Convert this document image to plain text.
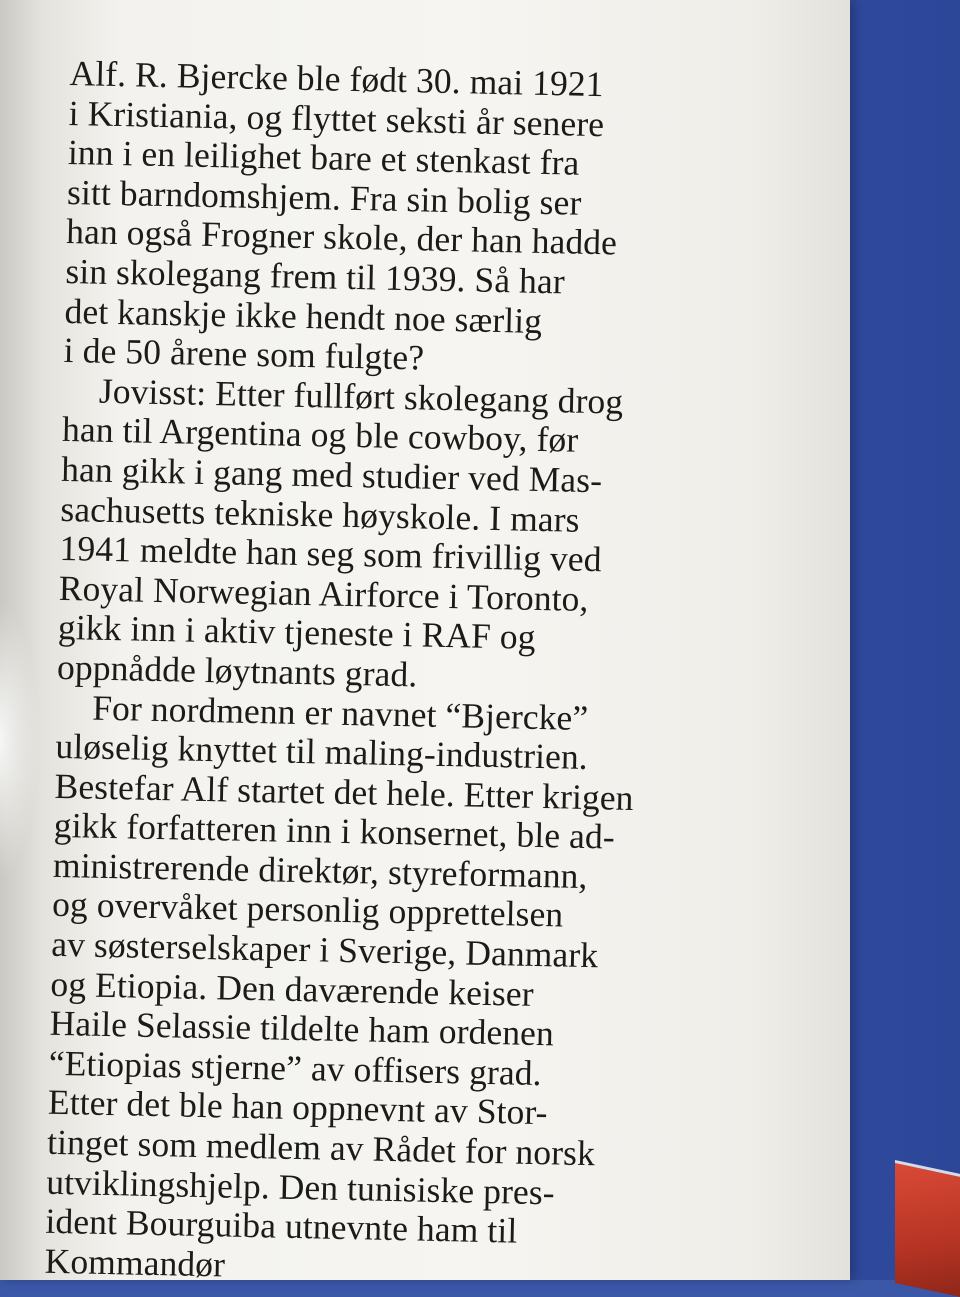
Alf. R. Bjercke ble født 30. mai 1921
i Kristiania, og flyttet seksti år senere
inn i en leilighet bare et stenkast fra
sitt barndomshjem. Fra sin bolig ser
han også Frogner skole, der han hadde
sin skolegang frem til 1939. Så har
det kanskje ikke hendt noe særlig
i de 50 årene som fulgte?
Jovisst: Etter fullført skolegang drog
han til Argentina og ble cowboy, før
han gikk i gang med studier ved Mas-
sachusetts tekniske høyskole. I mars
1941 meldte han seg som frivillig ved
Royal Norwegian Airforce i Toronto,
gikk inn i aktiv tjeneste i RAF og
oppnådde løytnants grad.
For nordmenn er navnet “Bjercke”
uløselig knyttet til maling-industrien.
Bestefar Alf startet det hele. Etter krigen
gikk forfatteren inn i konsernet, ble ad-
ministrerende direktør, styreformann,
og overvåket personlig opprettelsen
av søsterselskaper i Sverige, Danmark
og Etiopia. Den daværende keiser
Haile Selassie tildelte ham ordenen
“Etiopias stjerne” av offisers grad.
Etter det ble han oppnevnt av Stor-
tinget som medlem av Rådet for norsk
utviklingshjelp. Den tunisiske pres-
ident Bourguiba utnevnte ham til
Kommandør
